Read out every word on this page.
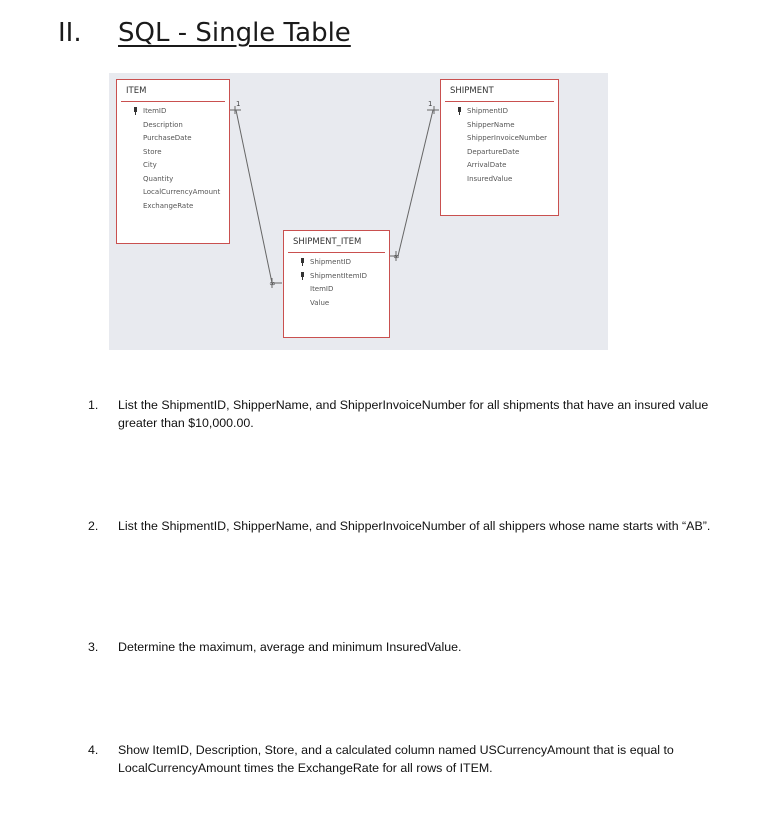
II. SQL - Single Table
1	1
∞
∞
ITEM
ItemID
Description
PurchaseDate
Store
City
Quantity
LocalCurrencyAmount
ExchangeRate
SHIPMENT
ShipmentID
ShipperName
ShipperInvoiceNumber
DepartureDate
ArrivalDate
InsuredValue
SHIPMENT_ITEM
ShipmentID
ShipmentItemID
ItemID
Value
1. List the ShipmentID, ShipperName, and ShipperInvoiceNumber for all shipments that have an insured value greater than $10,000.00.
2. List the ShipmentID, ShipperName, and ShipperInvoiceNumber of all shippers whose name starts with “AB”.
3. Determine the maximum, average and minimum InsuredValue.
4. Show ItemID, Description, Store, and a calculated column named USCurrencyAmount that is equal to LocalCurrencyAmount times the ExchangeRate for all rows of ITEM.
